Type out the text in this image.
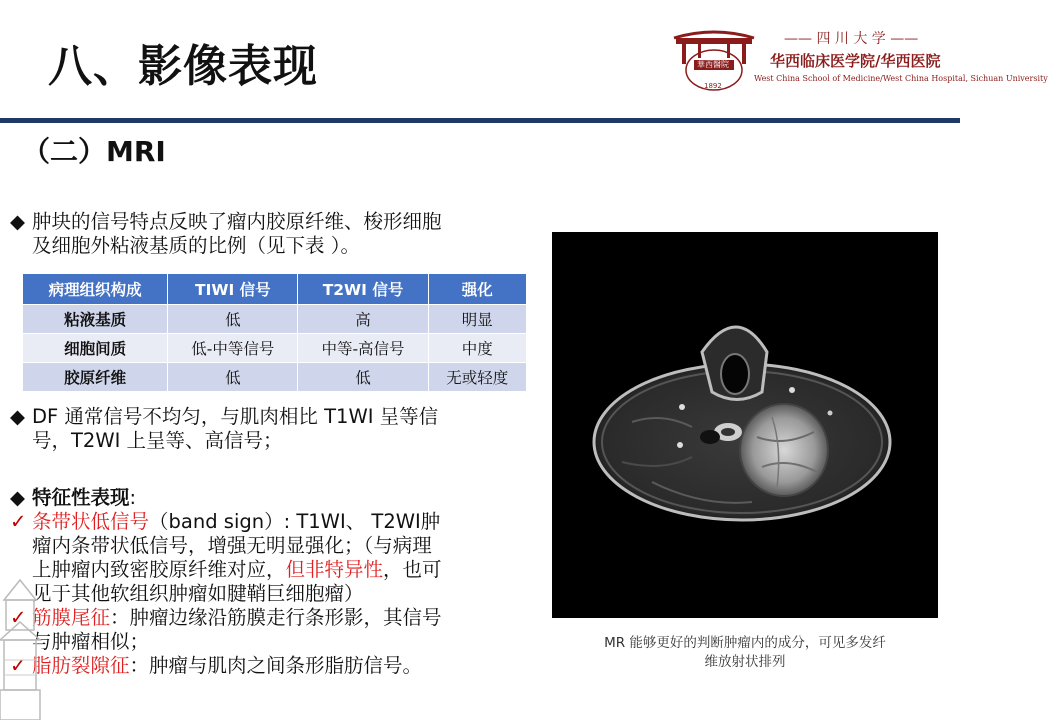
八、影像表现	華西醫院
1892
—— 四 川 大 学 ——
华西临床医学院/华西医院
West China School of Medicine/West China Hospital, Sichuan University
（二）MRI
◆ 肿块的信号特点反映了瘤内胶原纤维、梭形细胞
及细胞外粘液基质的比例（见下表 ）。
病理组织构成	TIWI 信号	T2WI 信号	强化
粘液基质	低	高	明显
细胞间质	低-中等信号	中等-高信号	中度
胶原纤维	低	低	无或轻度
◆ DF 通常信号不均匀，与肌肉相比 T1WI 呈等信
号，T2WI 上呈等、高信号；
◆ 特征性表现:
✓ 条带状低信号（band sign）: T1WI、 T2WI肿
瘤内条带状低信号，增强无明显强化；（与病理
上肿瘤内致密胶原纤维对应，但非特异性，也可
见于其他软组织肿瘤如腱鞘巨细胞瘤）
✓ 筋膜尾征：肿瘤边缘沿筋膜走行条形影，其信号
与肿瘤相似；
✓ 脂肪裂隙征：肿瘤与肌肉之间条形脂肪信号。
MR 能够更好的判断肿瘤内的成分，可见多发纤
维放射状排列
